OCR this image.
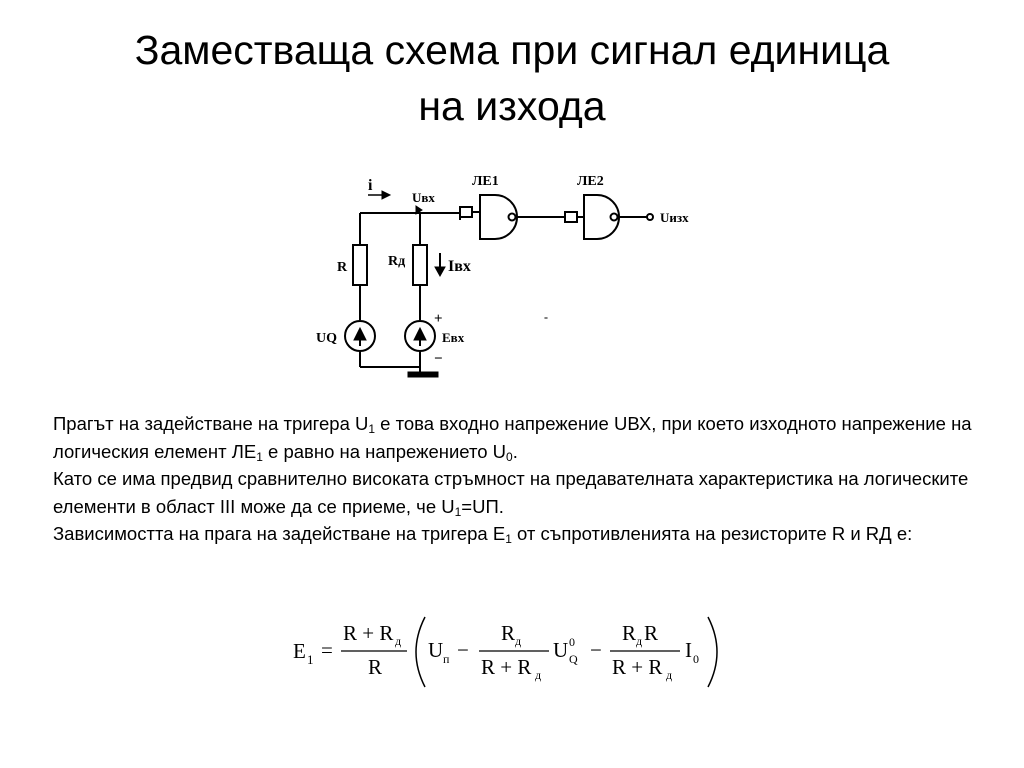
Заместваща схема при сигнал единица
на изхода
i
Uвх
ЛЕ1	ЛЕ2
Uизх
R	Rд	Iвх
UQ	Eвх
+
−
-

Прагът на задействане на тригера $U_1$ е това входно напрежение UВХ, при което изходното напрежение на логическия елемент $ЛЕ_1$ е равно на напрежението $U_0$.

Като се има предвид сравнително високата стръмност на предавателната характеристика на логическите елементи в област III може да се приеме, че $U_1=UП$.

Зависимостта на прага на задействане на тригера $E_1$ от съпротивленията на резисторите R и RД е:

E 1 =
R + R д
R
U п −
R д
R + R д
U 0
Q −
R д R
R + R д
I 0
